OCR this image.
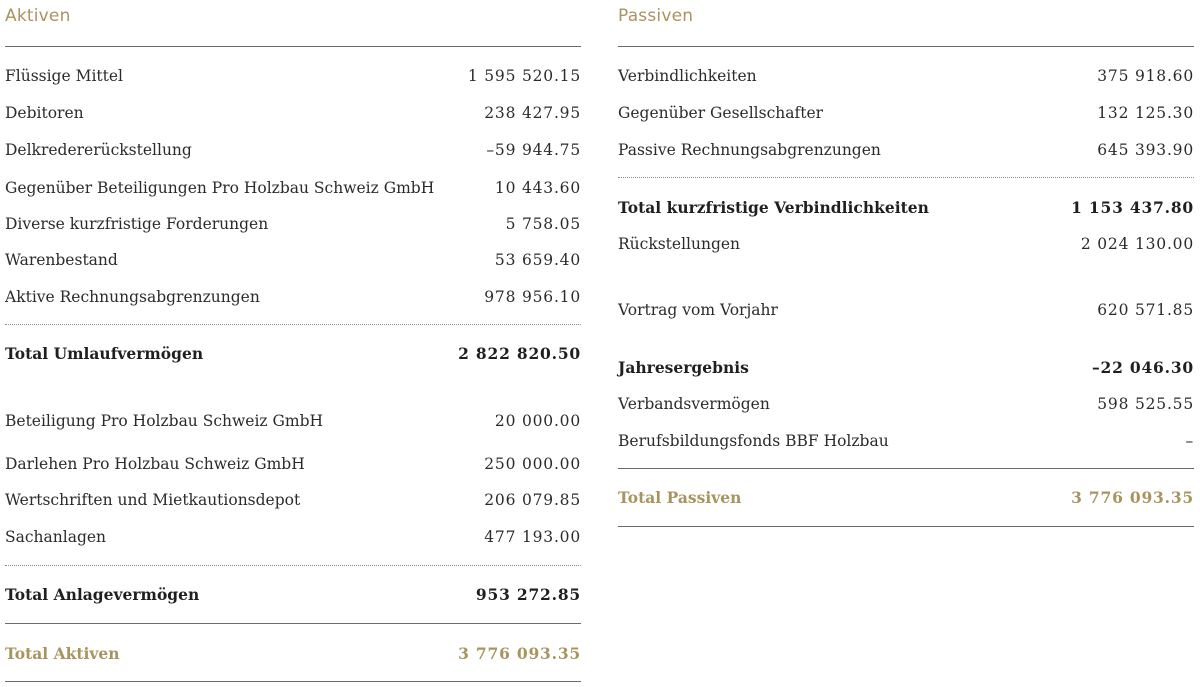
Aktiven
Flüssige Mittel	1 595 520.15
Debitoren	238 427.95
Delkredererückstellung	–59 944.75
Gegenüber Beteiligungen Pro Holzbau Schweiz GmbH	10 443.60
Diverse kurzfristige Forderungen	5 758.05
Warenbestand	53 659.40
Aktive Rechnungsabgrenzungen	978 956.10
Total Umlaufvermögen	2 822 820.50
Beteiligung Pro Holzbau Schweiz GmbH	20 000.00
Darlehen Pro Holzbau Schweiz GmbH	250 000.00
Wertschriften und Mietkautionsdepot	206 079.85
Sachanlagen	477 193.00
Total Anlagevermögen	953 272.85
Total Aktiven	3 776 093.35
Passiven
Verbindlichkeiten	375 918.60
Gegenüber Gesellschafter	132 125.30
Passive Rechnungsabgrenzungen	645 393.90
Total kurzfristige Verbindlichkeiten	1 153 437.80
Rückstellungen	2 024 130.00
Vortrag vom Vorjahr	620 571.85
Jahresergebnis	–22 046.30
Verbandsvermögen	598 525.55
Berufsbildungsfonds BBF Holzbau	–
Total Passiven	3 776 093.35
